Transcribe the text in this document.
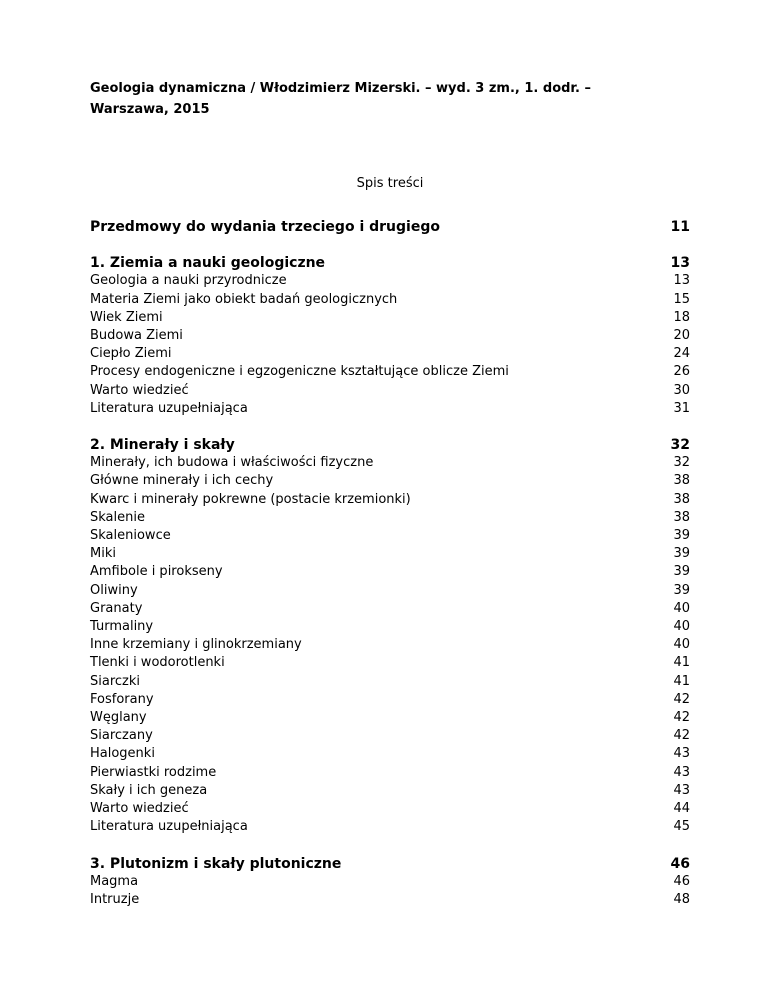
Geologia dynamiczna / Włodzimierz Mizerski. – wyd. 3 zm., 1. dodr. –
Warszawa, 2015

Spis treści

Przedmowy do wydania trzeciego i drugiego	11
1. Ziemia a nauki geologiczne	13
Geologia a nauki przyrodnicze	13
Materia Ziemi jako obiekt badań geologicznych	15
Wiek Ziemi	18
Budowa Ziemi	20
Ciepło Ziemi	24
Procesy endogeniczne i egzogeniczne kształtujące oblicze Ziemi	26
Warto wiedzieć	30
Literatura uzupełniająca	31
2. Minerały i skały	32
Minerały, ich budowa i właściwości fizyczne	32
Główne minerały i ich cechy	38
Kwarc i minerały pokrewne (postacie krzemionki)	38
Skalenie	38
Skaleniowce	39
Miki	39
Amfibole i pirokseny	39
Oliwiny	39
Granaty	40
Turmaliny	40
Inne krzemiany i glinokrzemiany	40
Tlenki i wodorotlenki	41
Siarczki	41
Fosforany	42
Węglany	42
Siarczany	42
Halogenki	43
Pierwiastki rodzime	43
Skały i ich geneza	43
Warto wiedzieć	44
Literatura uzupełniająca	45
3. Plutonizm i skały plutoniczne	46
Magma	46
Intruzje	48
